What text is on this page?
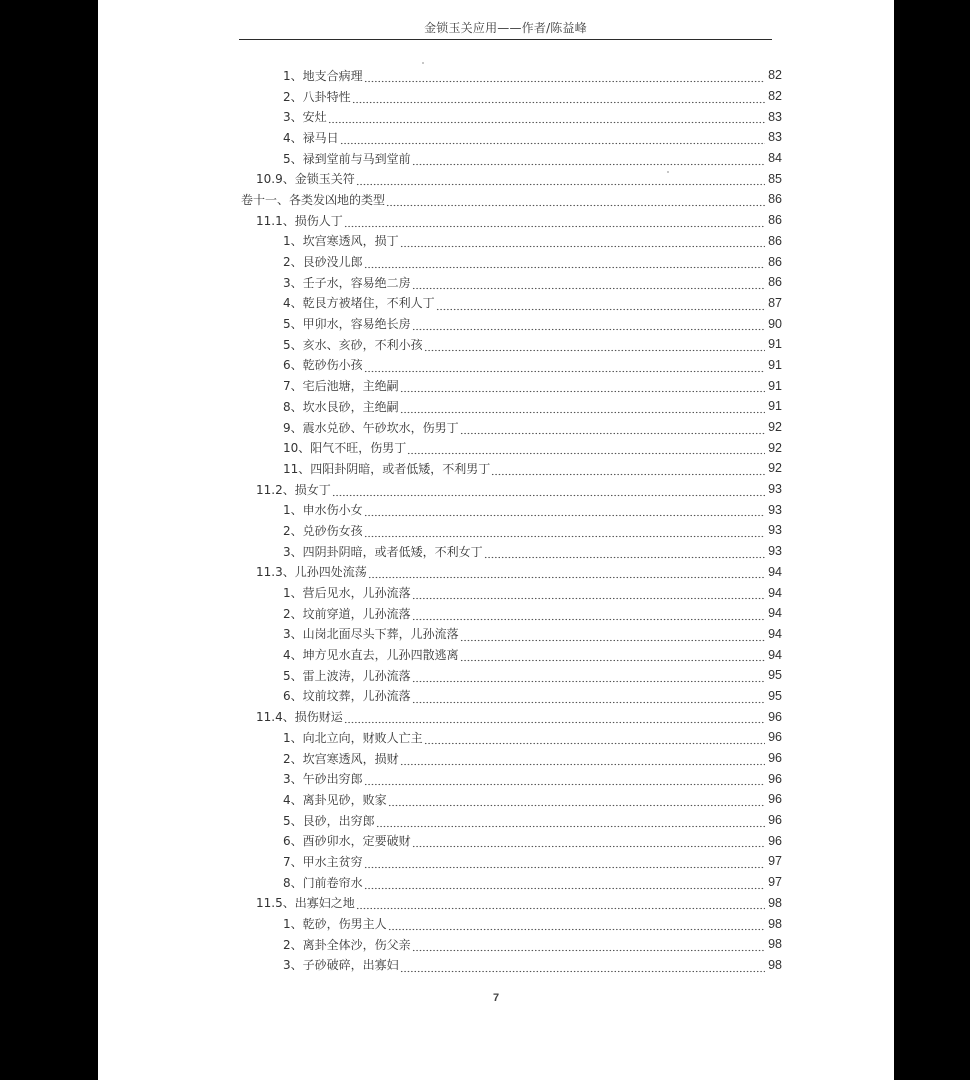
金锁玉关应用——作者/陈益峰
1、地支合病理	82
2、八卦特性	82
3、安灶	83
4、禄马日	83
5、禄到堂前与马到堂前	84
10.9、金锁玉关符	85
卷十一、各类发凶地的类型	86
11.1、损伤人丁	86
1、坎宫寒透风，损丁	86
2、艮砂没儿郎	86
3、壬子水，容易绝二房	86
4、乾艮方被堵住，不利人丁	87
5、甲卯水，容易绝长房	90
5、亥水、亥砂，不利小孩	91
6、乾砂伤小孩	91
7、宅后池塘，主绝嗣	91
8、坎水艮砂，主绝嗣	91
9、震水兑砂、午砂坎水，伤男丁	92
10、阳气不旺，伤男丁	92
11、四阳卦阴暗，或者低矮，不利男丁	92
11.2、损女丁	93
1、申水伤小女	93
2、兑砂伤女孩	93
3、四阴卦阴暗，或者低矮，不利女丁	93
11.3、儿孙四处流荡	94
1、营后见水，儿孙流落	94
2、坟前穿道，儿孙流落	94
3、山岗北面尽头下葬，儿孙流落	94
4、坤方见水直去，儿孙四散逃离	94
5、雷上波涛，儿孙流落	95
6、坟前坟葬，儿孙流落	95
11.4、损伤财运	96
1、向北立向，财败人亡主	96
2、坎宫寒透风，损财	96
3、午砂出穷郎	96
4、离卦见砂，败家	96
5、艮砂，出穷郎	96
6、酉砂卯水，定要破财	96
7、甲水主贫穷	97
8、门前卷帘水	97
11.5、出寡妇之地	98
1、乾砂，伤男主人	98
2、离卦全体沙，伤父亲	98
3、子砂破碎，出寡妇	98
7
